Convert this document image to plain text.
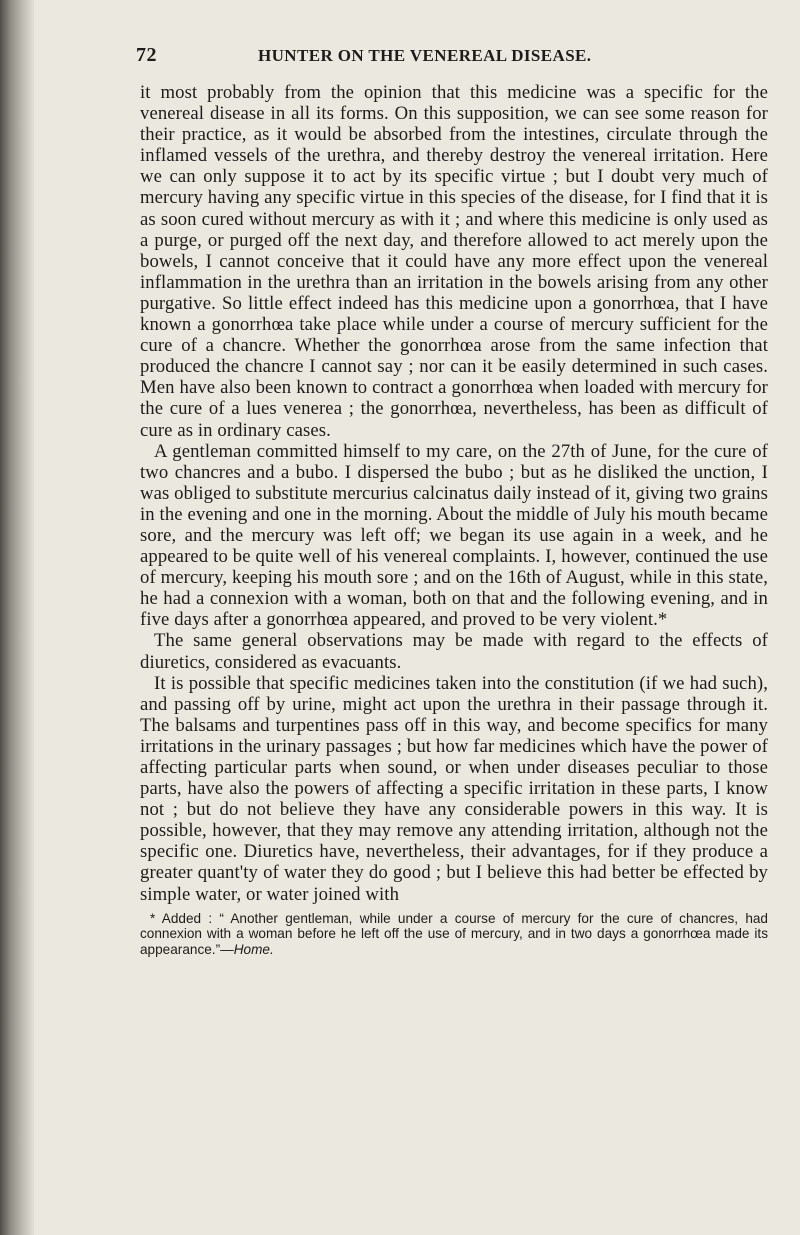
72	HUNTER ON THE VENEREAL DISEASE.

it most probably from the opinion that this medicine was a specific for the venereal disease in all its forms. On this supposition, we can see some reason for their practice, as it would be absorbed from the intestines, circulate through the inflamed vessels of the urethra, and thereby destroy the venereal irritation. Here we can only suppose it to act by its specific virtue ; but I doubt very much of mercury having any specific virtue in this species of the disease, for I find that it is as soon cured without mercury as with it ; and where this medicine is only used as a purge, or purged off the next day, and therefore allowed to act merely upon the bowels, I cannot conceive that it could have any more effect upon the venereal inflammation in the urethra than an irritation in the bowels arising from any other purgative. So little effect indeed has this medicine upon a gonorrhœa, that I have known a gonorrhœa take place while under a course of mercury sufficient for the cure of a chancre. Whether the gonorrhœa arose from the same infection that produced the chancre I cannot say ; nor can it be easily determined in such cases. Men have also been known to contract a gonorrhœa when loaded with mercury for the cure of a lues venerea ; the gonorrhœa, nevertheless, has been as difficult of cure as in ordinary cases.

A gentleman committed himself to my care, on the 27th of June, for the cure of two chancres and a bubo. I dispersed the bubo ; but as he disliked the unction, I was obliged to substitute mercurius calcinatus daily instead of it, giving two grains in the evening and one in the morning. About the middle of July his mouth became sore, and the mercury was left off; we began its use again in a week, and he appeared to be quite well of his venereal complaints. I, however, continued the use of mercury, keeping his mouth sore ; and on the 16th of August, while in this state, he had a connexion with a woman, both on that and the following evening, and in five days after a gonorrhœa appeared, and proved to be very violent.*

The same general observations may be made with regard to the effects of diuretics, considered as evacuants.

It is possible that specific medicines taken into the constitution (if we had such), and passing off by urine, might act upon the urethra in their passage through it. The balsams and turpentines pass off in this way, and become specifics for many irritations in the urinary passages ; but how far medicines which have the power of affecting particular parts when sound, or when under diseases peculiar to those parts, have also the powers of affecting a specific irritation in these parts, I know not ; but do not believe they have any considerable powers in this way. It is possible, however, that they may remove any attending irritation, although not the specific one. Diuretics have, nevertheless, their advantages, for if they produce a greater quant'ty of water they do good ; but I believe this had better be effected by simple water, or water joined with

* Added : “ Another gentleman, while under a course of mercury for the cure of chancres, had connexion with a woman before he left off the use of mercury, and in two days a gonorrhœa made its appearance.”—Home.
